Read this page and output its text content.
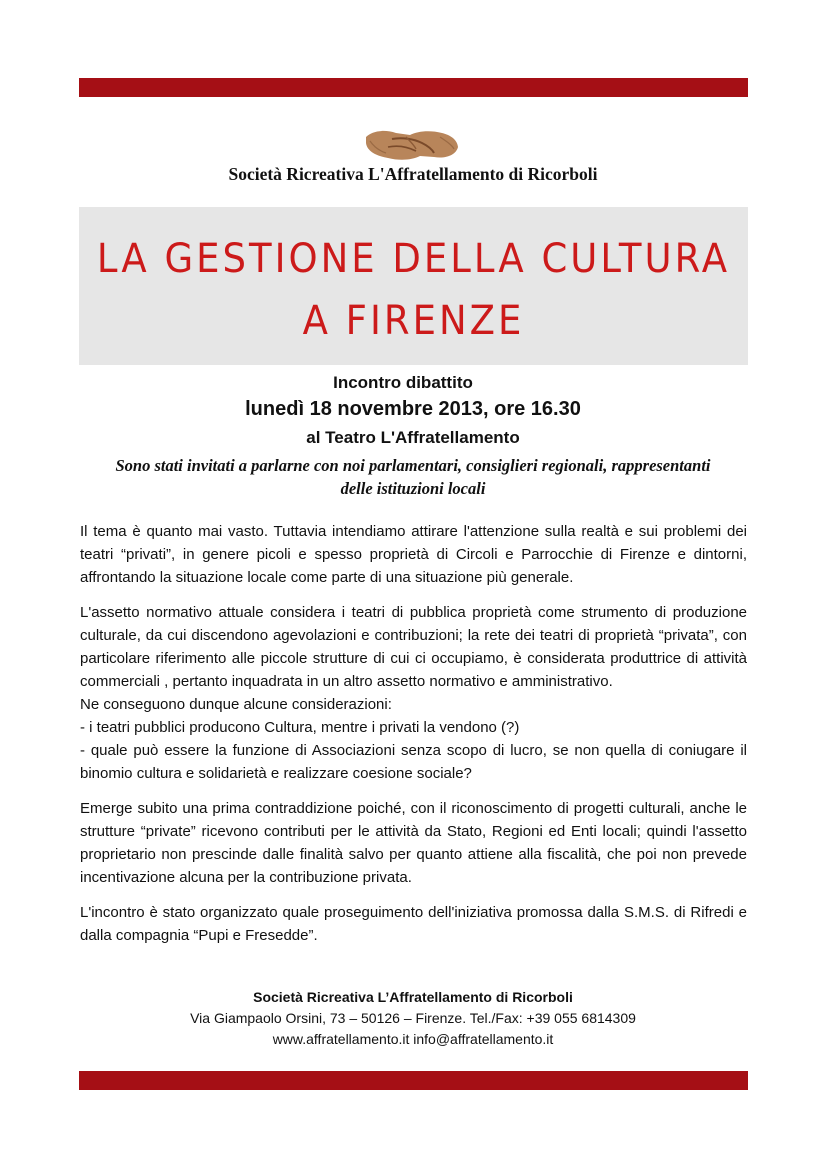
Società Ricreativa L'Affratellamento di Ricorboli
LA GESTIONE DELLA CULTURA
A FIRENZE
Incontro dibattito
lunedì 18 novembre 2013, ore 16.30
al Teatro L'Affratellamento
Sono stati invitati a parlarne con noi parlamentari, consiglieri regionali, rappresentanti delle istituzioni locali

Il tema è quanto mai vasto. Tuttavia intendiamo attirare l'attenzione sulla realtà e sui problemi dei teatri “privati”, in genere picoli e spesso proprietà di Circoli e Parrocchie di Firenze e dintorni, affrontando la situazione locale come parte di una situazione più generale.

L'assetto normativo attuale considera i teatri di pubblica proprietà come strumento di produzione culturale, da cui discendono agevolazioni e contribuzioni; la rete dei teatri di proprietà “privata”, con particolare riferimento alle piccole strutture di cui ci occupiamo, è considerata produttrice di attività commerciali , pertanto inquadrata in un altro assetto normativo e amministrativo.

Ne conseguono dunque alcune considerazioni:

- i teatri pubblici producono Cultura, mentre i privati la vendono (?)

- quale può essere la funzione di Associazioni senza scopo di lucro, se non quella di coniugare il binomio cultura e solidarietà e realizzare coesione sociale?

Emerge subito una prima contraddizione poiché, con il riconoscimento di progetti culturali, anche le strutture “private” ricevono contributi per le attività da Stato, Regioni ed Enti locali; quindi l'assetto proprietario non prescinde dalle finalità salvo per quanto attiene alla fiscalità, che poi non prevede incentivazione alcuna per la contribuzione privata.

L'incontro è stato organizzato quale proseguimento dell'iniziativa promossa dalla S.M.S. di Rifredi e dalla compagnia “Pupi e Fresedde”.

Società Ricreativa L’Affratellamento di Ricorboli
Via Giampaolo Orsini, 73 – 50126 – Firenze. Tel./Fax: +39 055 6814309
www.affratellamento.it info@affratellamento.it
